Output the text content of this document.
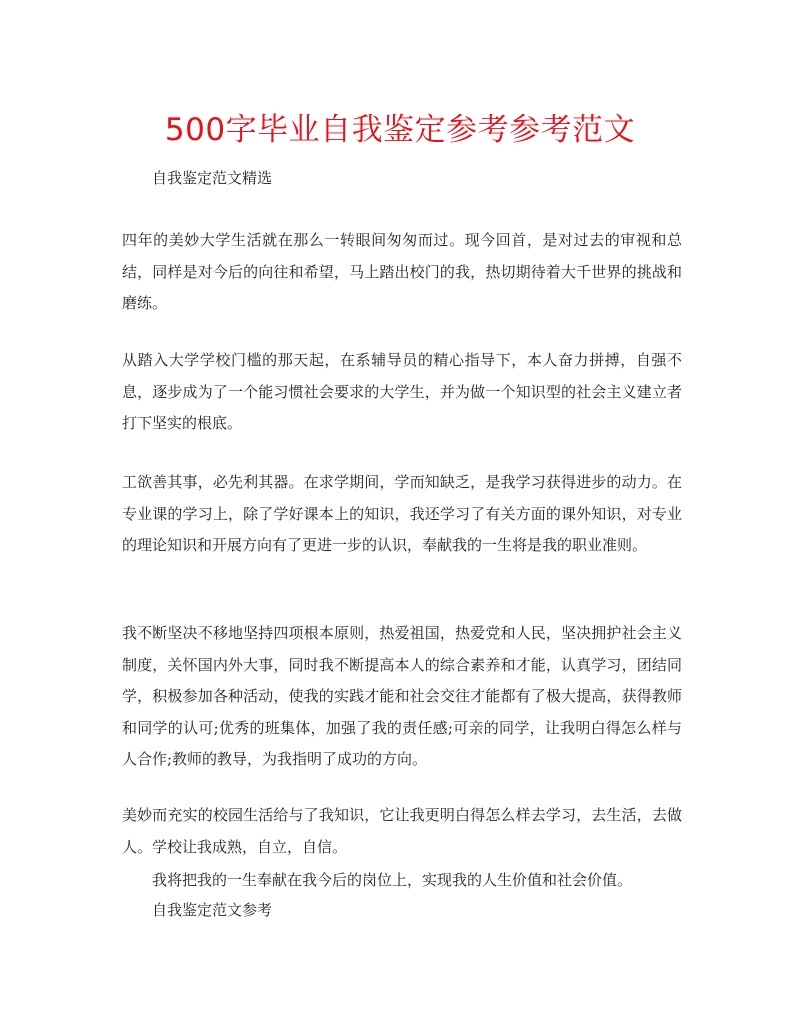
500字毕业自我鉴定参考参考范文
自我鉴定范文精选

四年的美妙大学生活就在那么一转眼间匆匆而过。现今回首，是对过去的审视和总结，同样是对今后的向往和希望，马上踏出校门的我，热切期待着大千世界的挑战和磨练。

从踏入大学学校门槛的那天起，在系辅导员的精心指导下，本人奋力拼搏，自强不息，逐步成为了一个能习惯社会要求的大学生，并为做一个知识型的社会主义建立者打下坚实的根底。

工欲善其事，必先利其器。在求学期间，学而知缺乏，是我学习获得进步的动力。在专业课的学习上，除了学好课本上的知识，我还学习了有关方面的课外知识，对专业的理论知识和开展方向有了更进一步的认识，奉献我的一生将是我的职业准则。

我不断坚决不移地坚持四项根本原则，热爱祖国，热爱党和人民，坚决拥护社会主义制度，关怀国内外大事，同时我不断提高本人的综合素养和才能，认真学习，团结同学，积极参加各种活动，使我的实践才能和社会交往才能都有了极大提高，获得教师和同学的认可;优秀的班集体，加强了我的责任感;可亲的同学，让我明白得怎么样与人合作;教师的教导，为我指明了成功的方向。

美妙而充实的校园生活给与了我知识，它让我更明白得怎么样去学习，去生活，去做人。学校让我成熟，自立，自信。

我将把我的一生奉献在我今后的岗位上，实现我的人生价值和社会价值。
自我鉴定范文参考
